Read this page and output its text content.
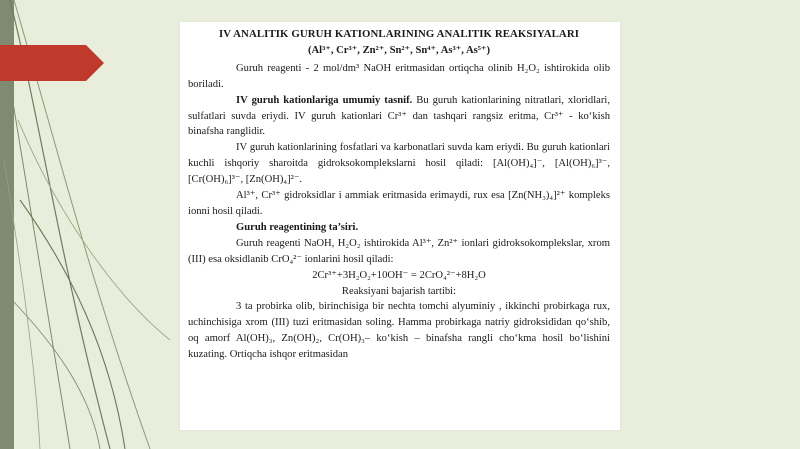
IV ANALITIK GURUH KATIONLARINING ANALITIK REAKSIYALARI
(Al³⁺, Cr³⁺, Zn²⁺, Sn²⁺, Sn⁴⁺, As³⁺, As⁵⁺)

Guruh reagenti - 2 mol/dm³ NaOH eritmasidan ortiqcha olinib H₂O₂ ishtirokida olib boriladi.

IV guruh kationlariga umumiy tasnif. Bu guruh kationlarining nitratlari, xloridlari, sulfatlari suvda eriydi. IV guruh kationlari Cr³⁺ dan tashqari rangsiz eritma, Cr³⁺ - ko‘kish binafsha ranglidir.

IV guruh kationlarining fosfatlari va karbonatlari suvda kam eriydi. Bu guruh kationlari kuchli ishqoriy sharoitda gidroksokomplekslarni hosil qiladi: [Al(OH)₄]⁻, [Al(OH)₆]³⁻, [Cr(OH)₆]³⁻, [Zn(OH)₄]²⁻.

Al³⁺, Cr³⁺ gidroksidlar i ammiak eritmasida erimaydi, rux esa [Zn(NH₃)₄]²⁺ kompleks ionni hosil qiladi.

Guruh reagentining ta’siri.

Guruh reagenti NaOH, H₂O₂ ishtirokida Al³⁺, Zn²⁺ ionlari gidroksokomplekslar, xrom (III) esa oksidlanib CrO₄²⁻ ionlarini hosil qiladi:

2Cr³⁺+3H₂O₂+10OH⁻ = 2CrO₄²⁻+8H₂O

Reaksiyani bajarish tartibi:

3 ta probirka olib, birinchisiga bir nechta tomchi alyuminiy , ikkinchi probirkaga rux, uchinchisiga xrom (III) tuzi eritmasidan soling. Hamma probirkaga natriy gidroksididan qo‘shib, oq amorf Al(OH)₃, Zn(OH)₂, Cr(OH)₃– ko‘kish – binafsha rangli cho‘kma hosil bo‘lishini kuzating. Ortiqcha ishqor eritmasidan
